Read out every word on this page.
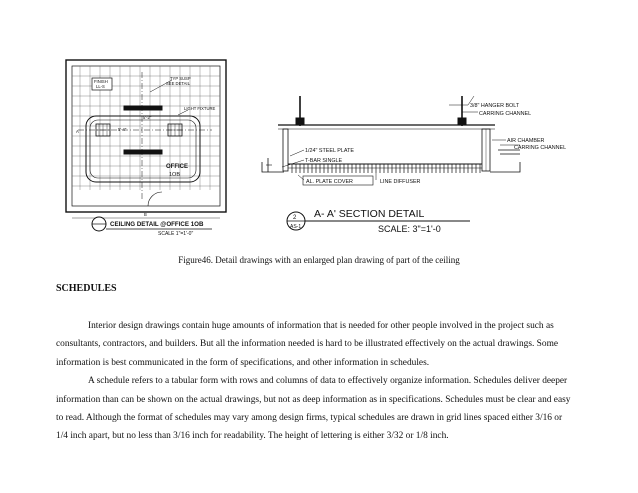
FINISH
LL-S
TYP SUSP
SEE DETAIL
LIGHT FIXTURE
5'-2"
5'-4"
A
B
OFFICE
1OB
CEILING DETAIL @OFFICE 1OB
SCALE 1"=1'-0"
3/8" HANGER BOLT
CARRING CHANNEL
AIR CHAMBER
CARRING CHANNEL
1/24" STEEL PLATE
T-BAR SINGLE
AL. PLATE COVER	LINE DIFFUSER
2
AS-1
A- A' SECTION DETAIL
SCALE: 3"=1'-0
Figure46. Detail drawings with an enlarged plan drawing of part of the ceiling
SCHEDULES

Interior design drawings contain huge amounts of information that is needed for other people involved in the project such as consultants, contractors, and builders. But all the information needed is hard to be illustrated effectively on the actual drawings. Some information is best communicated in the form of specifications, and other information in schedules.

A schedule refers to a tabular form with rows and columns of data to effectively organize information. Schedules deliver deeper information than can be shown on the actual drawings, but not as deep information as in specifications. Schedules must be clear and easy to read. Although the format of schedules may vary among design firms, typical schedules are drawn in grid lines spaced either 3/16 or 1/4 inch apart, but no less than 3/16 inch for readability. The height of lettering is either 3/32 or 1/8 inch.
